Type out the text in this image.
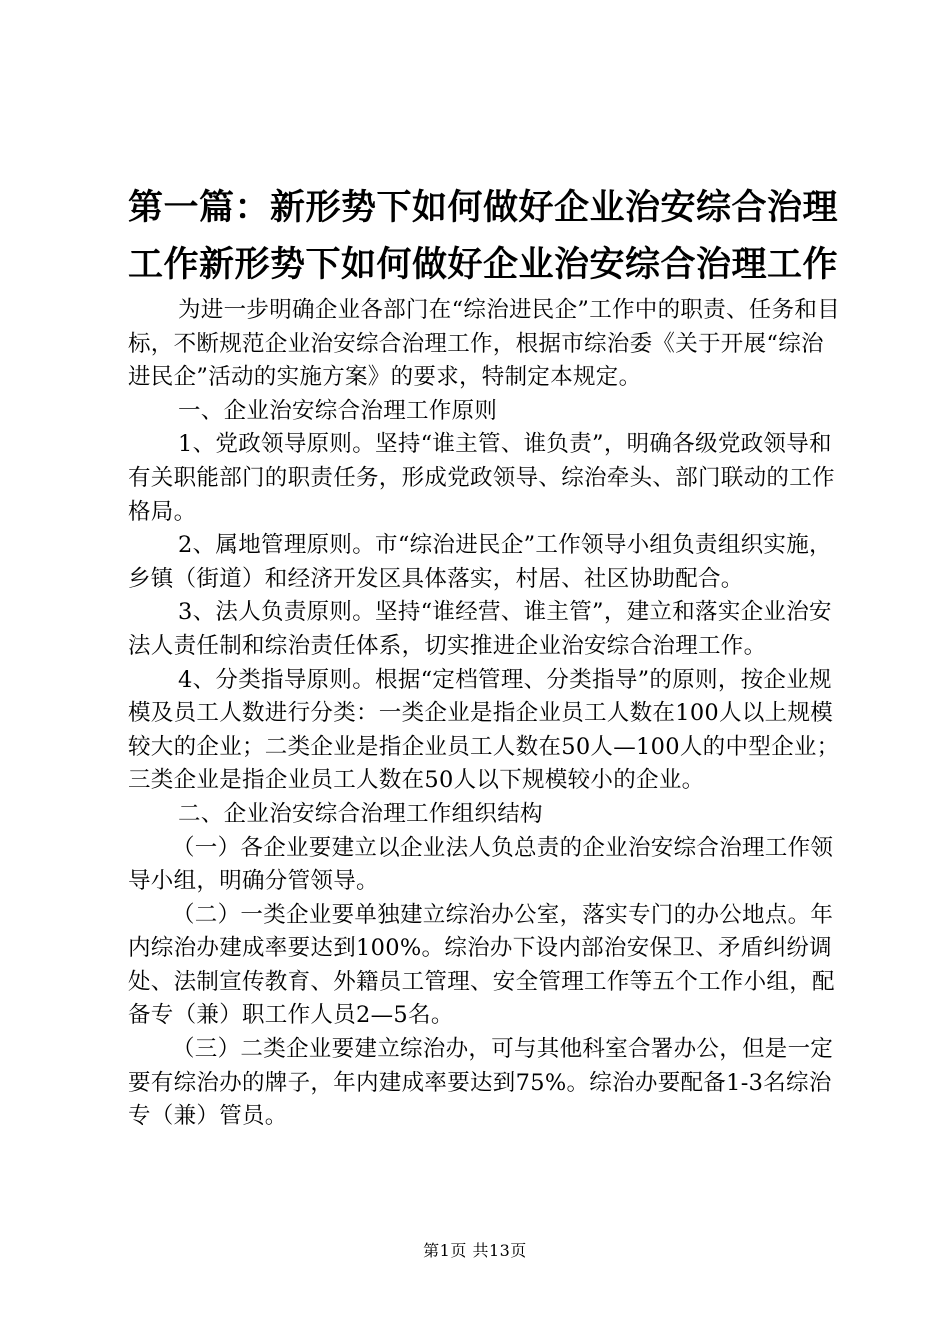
第一篇：新形势下如何做好企业治安综合治理
工作新形势下如何做好企业治安综合治理工作

为进一步明确企业各部门在“综治进民企”工作中的职责、任务和目标，不断规范企业治安综合治理工作，根据市综治委《关于开展“综治进民企”活动的实施方案》的要求，特制定本规定。

一、企业治安综合治理工作原则

1、党政领导原则。坚持“谁主管、谁负责”，明确各级党政领导和有关职能部门的职责任务，形成党政领导、综治牵头、部门联动的工作格局。

2、属地管理原则。市“综治进民企”工作领导小组负责组织实施，乡镇（街道）和经济开发区具体落实，村居、社区协助配合。

3、法人负责原则。坚持“谁经营、谁主管”，建立和落实企业治安法人责任制和综治责任体系，切实推进企业治安综合治理工作。

4、分类指导原则。根据“定档管理、分类指导”的原则，按企业规模及员工人数进行分类：一类企业是指企业员工人数在100人以上规模较大的企业；二类企业是指企业员工人数在50人—100人的中型企业；三类企业是指企业员工人数在50人以下规模较小的企业。

二、企业治安综合治理工作组织结构

（一）各企业要建立以企业法人负总责的企业治安综合治理工作领导小组，明确分管领导。

（二）一类企业要单独建立综治办公室，落实专门的办公地点。年内综治办建成率要达到100%。综治办下设内部治安保卫、矛盾纠纷调处、法制宣传教育、外籍员工管理、安全管理工作等五个工作小组，配备专（兼）职工作人员2—5名。

（三）二类企业要建立综治办，可与其他科室合署办公，但是一定要有综治办的牌子，年内建成率要达到75%。综治办要配备1-3名综治专（兼）管员。

第1页 共13页
